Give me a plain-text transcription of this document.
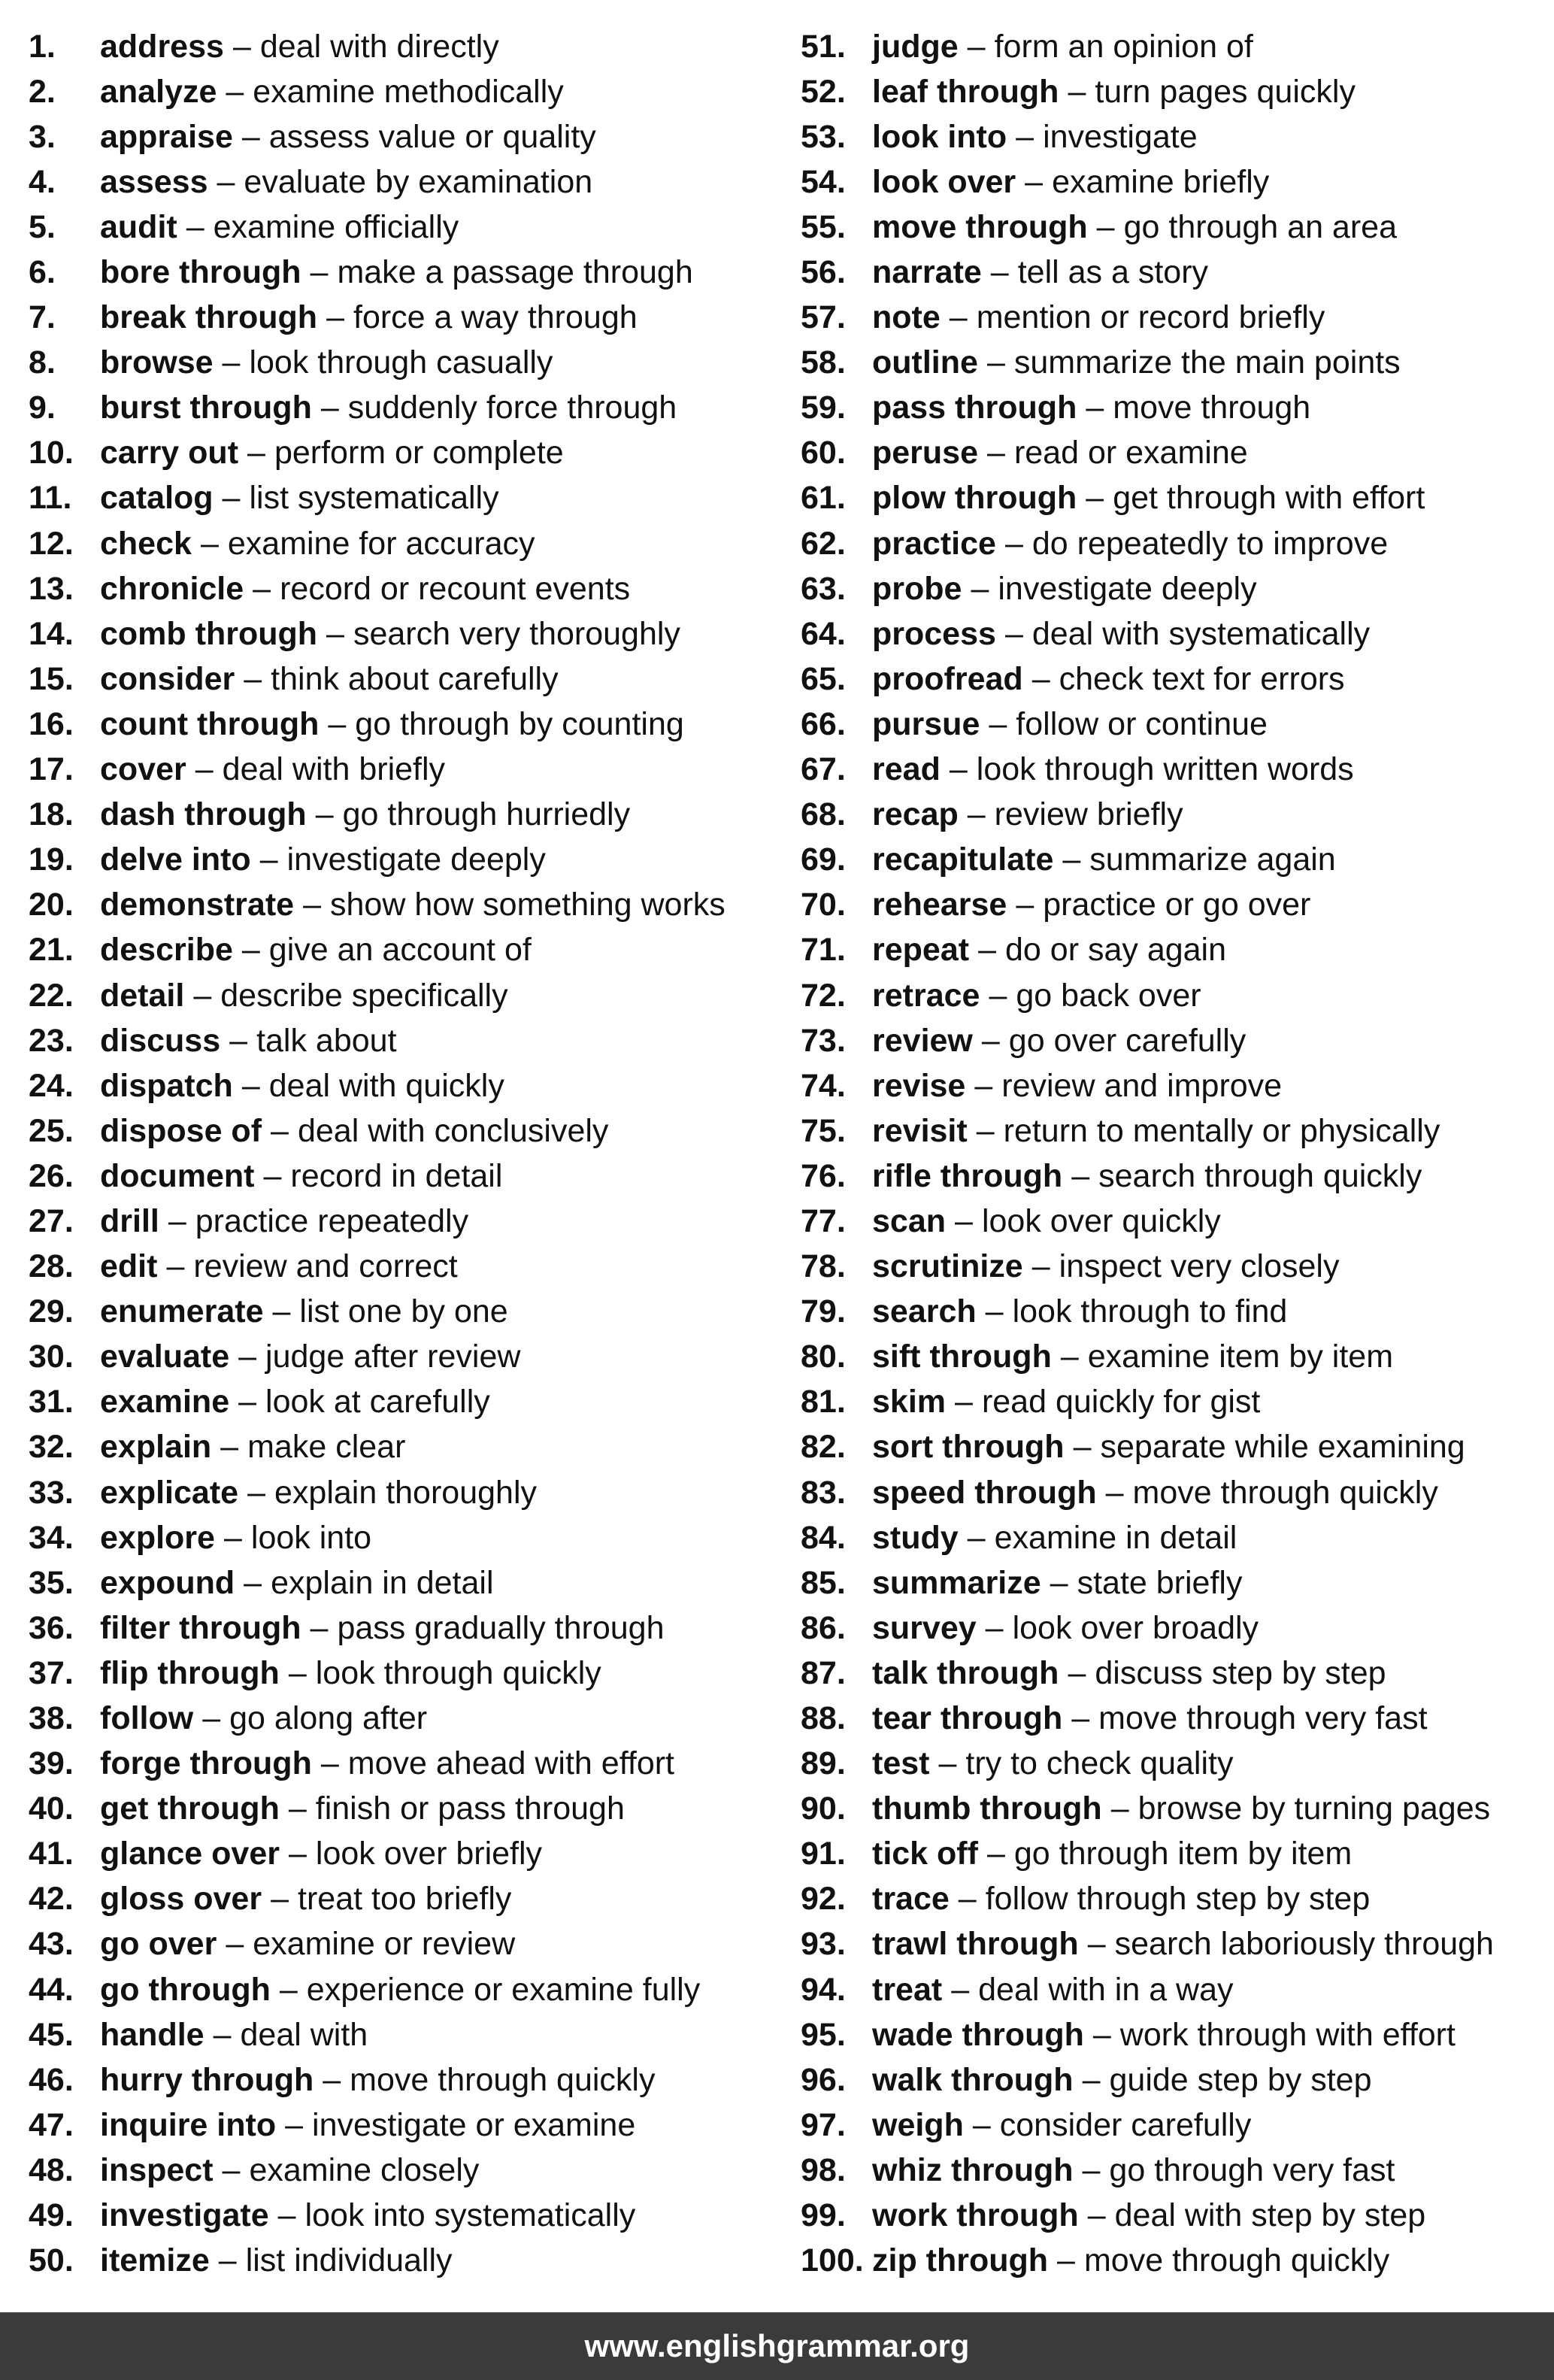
1.	address – deal with directly
2.	analyze – examine methodically
3.	appraise – assess value or quality
4.	assess – evaluate by examination
5.	audit – examine officially
6.	bore through – make a passage through
7.	break through – force a way through
8.	browse – look through casually
9.	burst through – suddenly force through
10. carry out – perform or complete
11. catalog – list systematically
12. check – examine for accuracy
13. chronicle – record or recount events
14. comb through – search very thoroughly
15. consider – think about carefully
16. count through – go through by counting
17. cover – deal with briefly
18. dash through – go through hurriedly
19. delve into – investigate deeply
20. demonstrate – show how something works
21. describe – give an account of
22. detail – describe specifically
23. discuss – talk about
24. dispatch – deal with quickly
25. dispose of – deal with conclusively
26. document – record in detail
27. drill – practice repeatedly
28. edit – review and correct
29. enumerate – list one by one
30. evaluate – judge after review
31. examine – look at carefully
32. explain – make clear
33. explicate – explain thoroughly
34. explore – look into
35. expound – explain in detail
36. filter through – pass gradually through
37. flip through – look through quickly
38. follow – go along after
39. forge through – move ahead with effort
40. get through – finish or pass through
41. glance over – look over briefly
42. gloss over – treat too briefly
43. go over – examine or review
44. go through – experience or examine fully
45. handle – deal with
46. hurry through – move through quickly
47. inquire into – investigate or examine
48. inspect – examine closely
49. investigate – look into systematically
50. itemize – list individually
51. judge – form an opinion of
52. leaf through – turn pages quickly
53. look into – investigate
54. look over – examine briefly
55. move through – go through an area
56. narrate – tell as a story
57. note – mention or record briefly
58. outline – summarize the main points
59. pass through – move through
60. peruse – read or examine
61. plow through – get through with effort
62. practice – do repeatedly to improve
63. probe – investigate deeply
64. process – deal with systematically
65. proofread – check text for errors
66. pursue – follow or continue
67. read – look through written words
68. recap – review briefly
69. recapitulate – summarize again
70. rehearse – practice or go over
71. repeat – do or say again
72. retrace – go back over
73. review – go over carefully
74. revise – review and improve
75. revisit – return to mentally or physically
76. rifle through – search through quickly
77. scan – look over quickly
78. scrutinize – inspect very closely
79. search – look through to find
80. sift through – examine item by item
81. skim – read quickly for gist
82. sort through – separate while examining
83. speed through – move through quickly
84. study – examine in detail
85. summarize – state briefly
86. survey – look over broadly
87. talk through – discuss step by step
88. tear through – move through very fast
89. test – try to check quality
90. thumb through – browse by turning pages
91. tick off – go through item by item
92. trace – follow through step by step
93. trawl through – search laboriously through
94. treat – deal with in a way
95. wade through – work through with effort
96. walk through – guide step by step
97. weigh – consider carefully
98. whiz through – go through very fast
99. work through – deal with step by step
100. zip through – move through quickly
www.englishgrammar.org
